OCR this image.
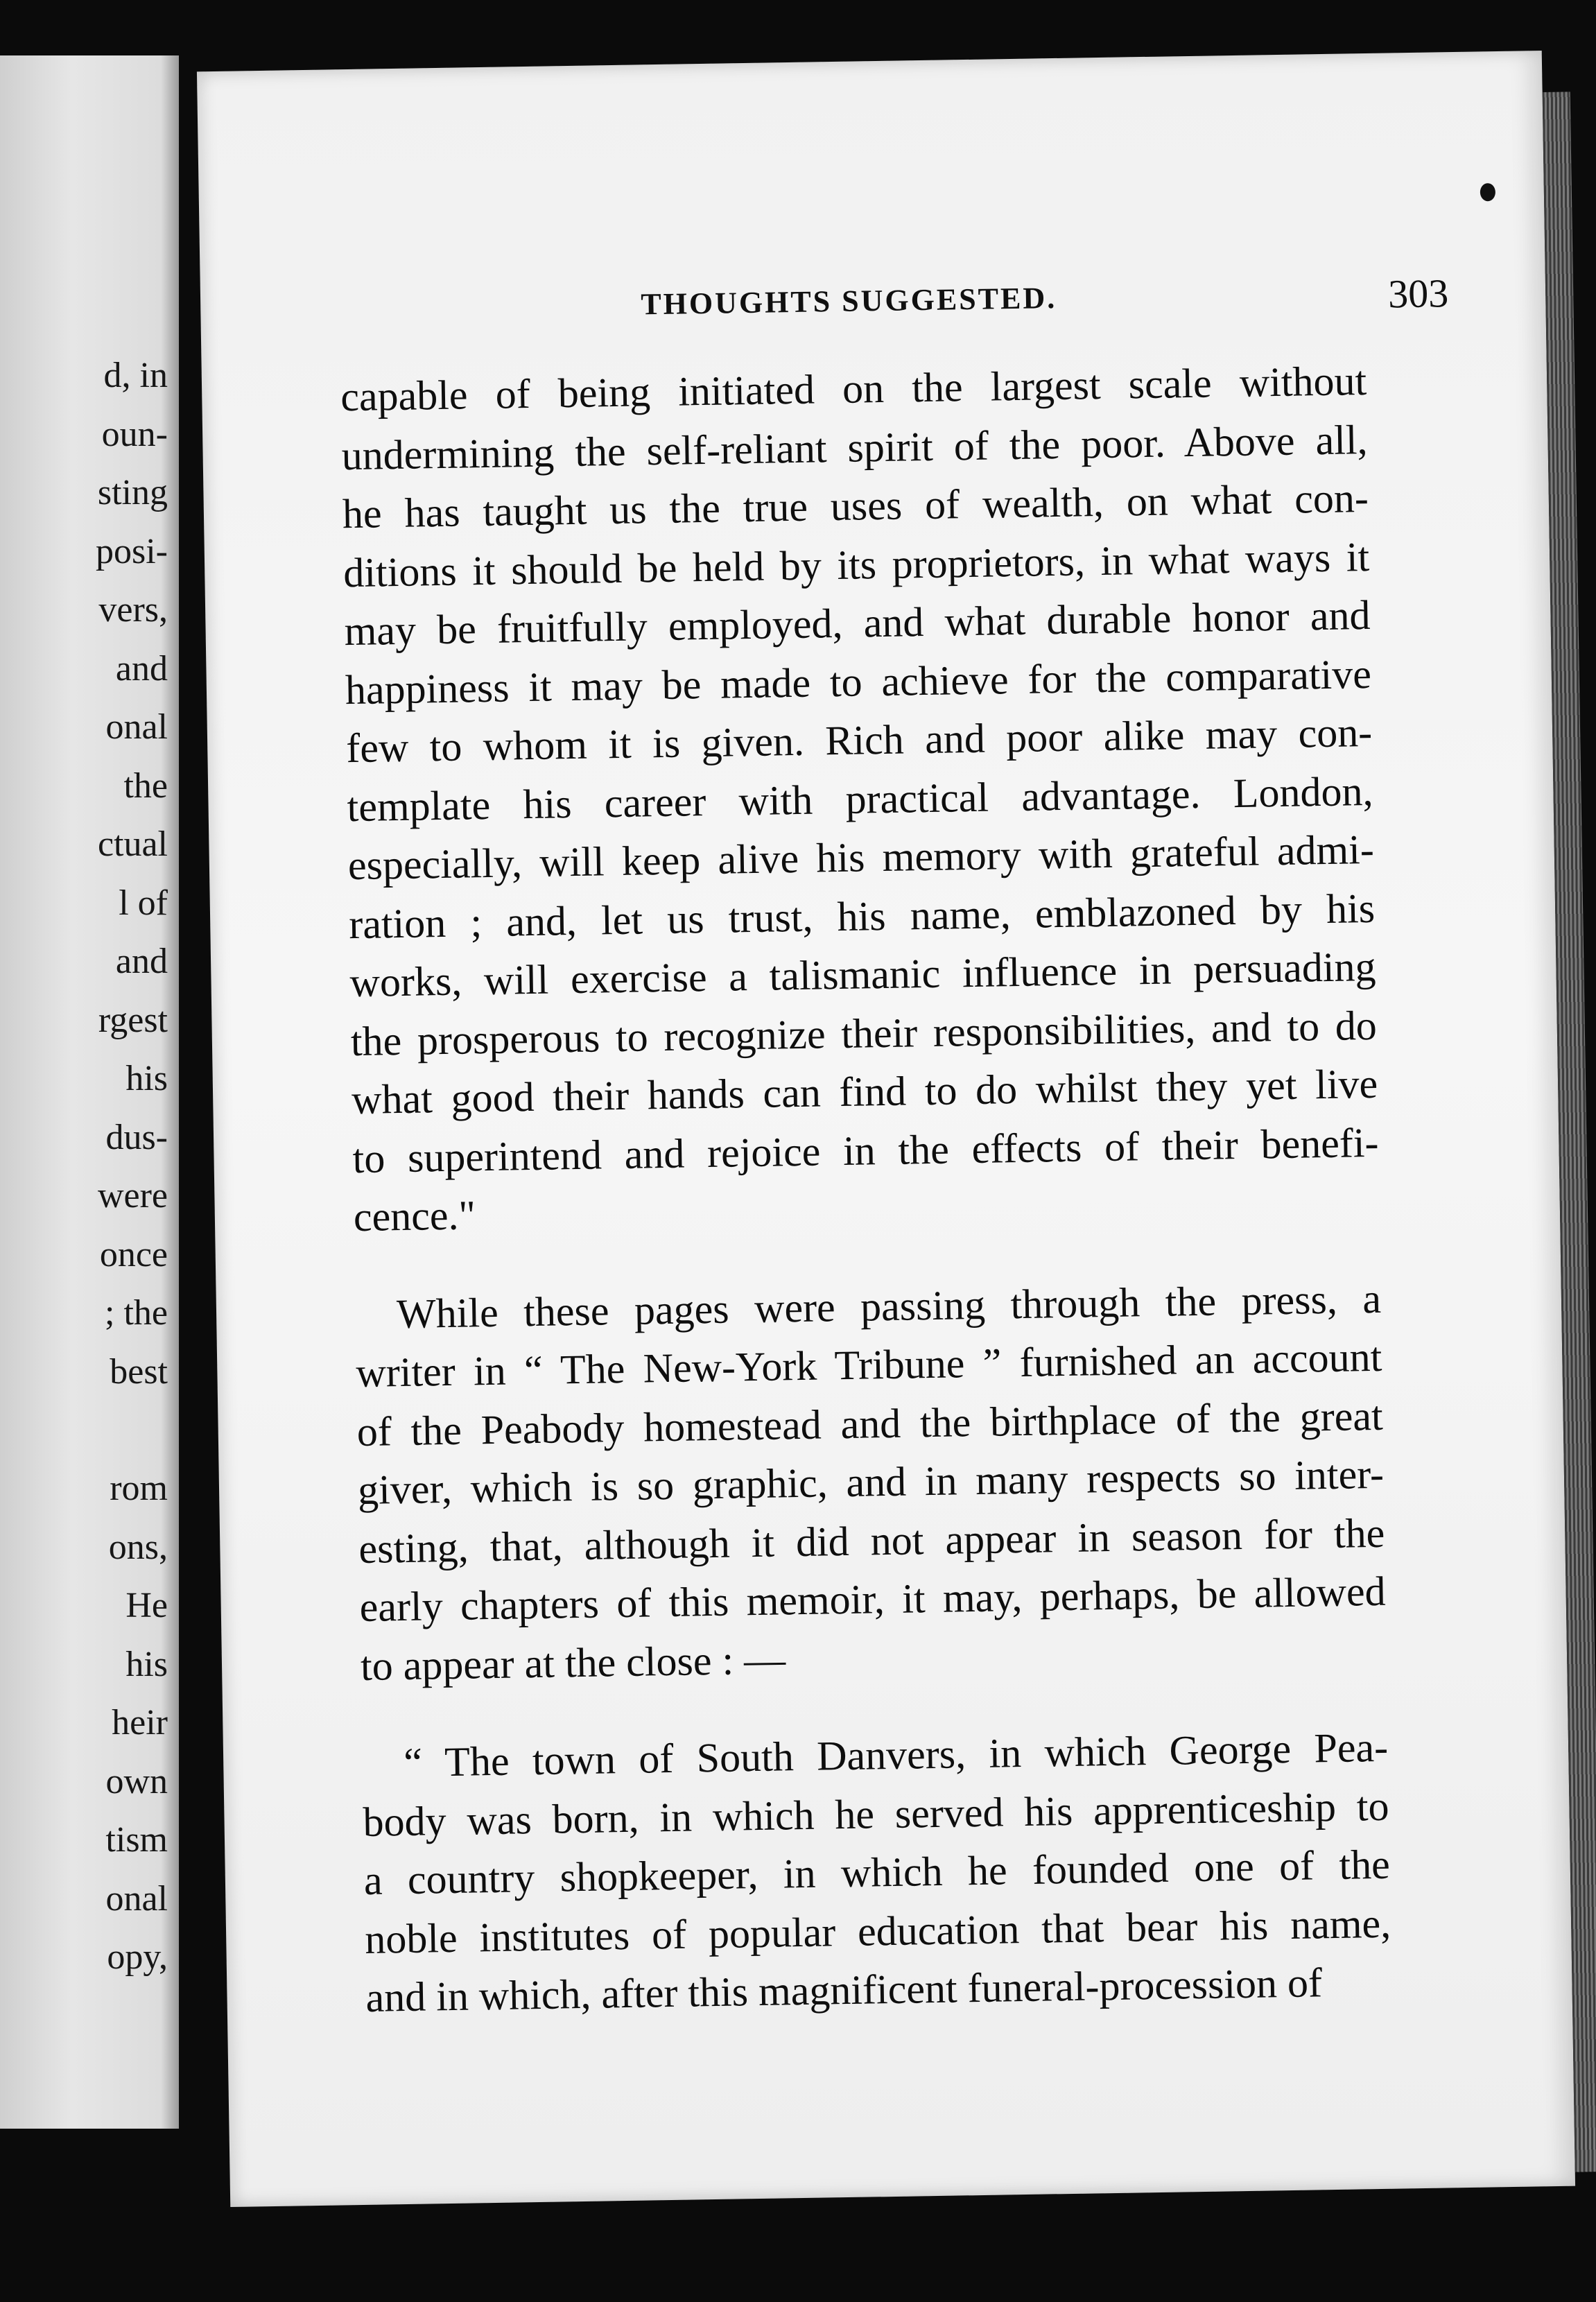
d, in
oun-
sting
posi-
vers,
and
onal
the
ctual
l of
and
rgest
his
dus-
were
once
; the
best
rom
ons,
He
his
heir
own
tism
onal
opy,
THOUGHTS SUGGESTED.	303
capable of being initiated on the largest scale without
undermining the self-reliant spirit of the poor. Above all,
he has taught us the true uses of wealth, on what con-
ditions it should be held by its proprietors, in what ways it
may be fruitfully employed, and what durable honor and
happiness it may be made to achieve for the comparative
few to whom it is given. Rich and poor alike may con-
template his career with practical advantage. London,
especially, will keep alive his memory with grateful admi-
ration ; and, let us trust, his name, emblazoned by his
works, will exercise a talismanic influence in persuading
the prosperous to recognize their responsibilities, and to do
what good their hands can find to do whilst they yet live
to superintend and rejoice in the effects of their benefi-
cence."
While these pages were passing through the press, a
writer in “ The New-York Tribune ” furnished an account
of the Peabody homestead and the birthplace of the great
giver, which is so graphic, and in many respects so inter-
esting, that, although it did not appear in season for the
early chapters of this memoir, it may, perhaps, be allowed
to appear at the close : —
“ The town of South Danvers, in which George Pea-
body was born, in which he served his apprenticeship to
a country shopkeeper, in which he founded one of the
noble institutes of popular education that bear his name,
and in which, after this magnificent funeral-procession of
